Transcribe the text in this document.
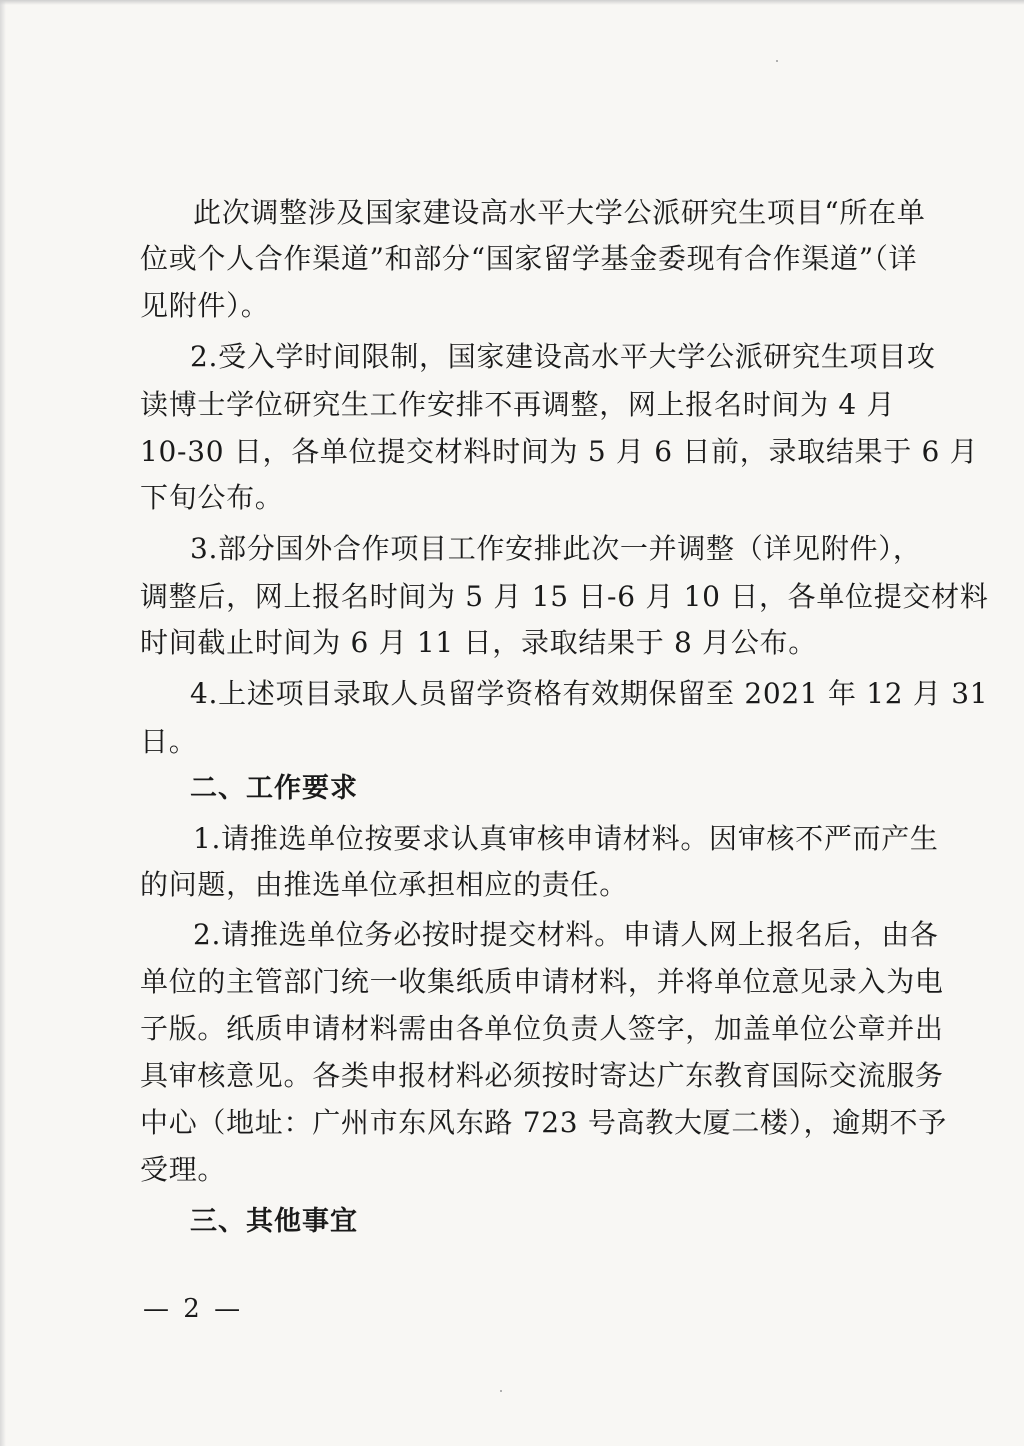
此次调整涉及国家建设高水平大学公派研究生项目“所在单
位或个人合作渠道”和部分“国家留学基金委现有合作渠道”（详
见附件）。
2.受入学时间限制，国家建设高水平大学公派研究生项目攻
读博士学位研究生工作安排不再调整，网上报名时间为 4 月
10-30 日，各单位提交材料时间为 5 月 6 日前，录取结果于 6 月
下旬公布。
3.部分国外合作项目工作安排此次一并调整（详见附件），
调整后，网上报名时间为 5 月 15 日-6 月 10 日，各单位提交材料
时间截止时间为 6 月 11 日，录取结果于 8 月公布。
4.上述项目录取人员留学资格有效期保留至 2021 年 12 月 31
日。
二、工作要求
1.请推选单位按要求认真审核申请材料。因审核不严而产生
的问题，由推选单位承担相应的责任。
2.请推选单位务必按时提交材料。申请人网上报名后，由各
单位的主管部门统一收集纸质申请材料，并将单位意见录入为电
子版。纸质申请材料需由各单位负责人签字，加盖单位公章并出
具审核意见。各类申报材料必须按时寄达广东教育国际交流服务
中心（地址：广州市东风东路 723 号高教大厦二楼），逾期不予
受理。
三、其他事宜
— 2 —
